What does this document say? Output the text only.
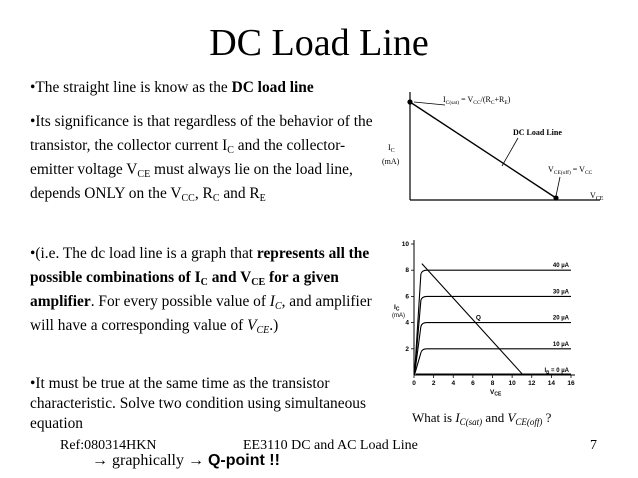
DC Load Line
•The straight line is know as the DC load line
•Its significance is that regardless of the behavior of the transistor, the collector current $I_C$ and the collector-emitter voltage $V_{CE}$ must always lie on the load line, depends ONLY on the $V_{CC}$, $R_C$ and $R_E$
•(i.e. The dc load line is a graph that represents all the possible combinations of $I_C$ and $V_{CE}$ for a given amplifier. For every possible value of $I_C$, and amplifier will have a corresponding value of $V_{CE}$.)
•It must be true at the same time as the transistor characteristic. Solve two condition using simultaneous equation
Ref:080314HKN	EE3110 DC and AC Load Line	7
→ graphically → Q-point !!
What is $I_{C(sat)}$ and $V_{CE(off)}$ ?
$I_C$
(mA)
$V_{CE}$
DC Load Line
$I_{C(sat)} = V_{CC}/(R_C+R_E)$
$V_{CE(off)} = V_{CC}$
$I_C$
(mA)
$V_{CE}$
0 2 4 6 8 10 12 14 16
2
4
6
8
10
40 µA
30 µA
20 µA
10 µA
$I_B = 0$ µA
Q
